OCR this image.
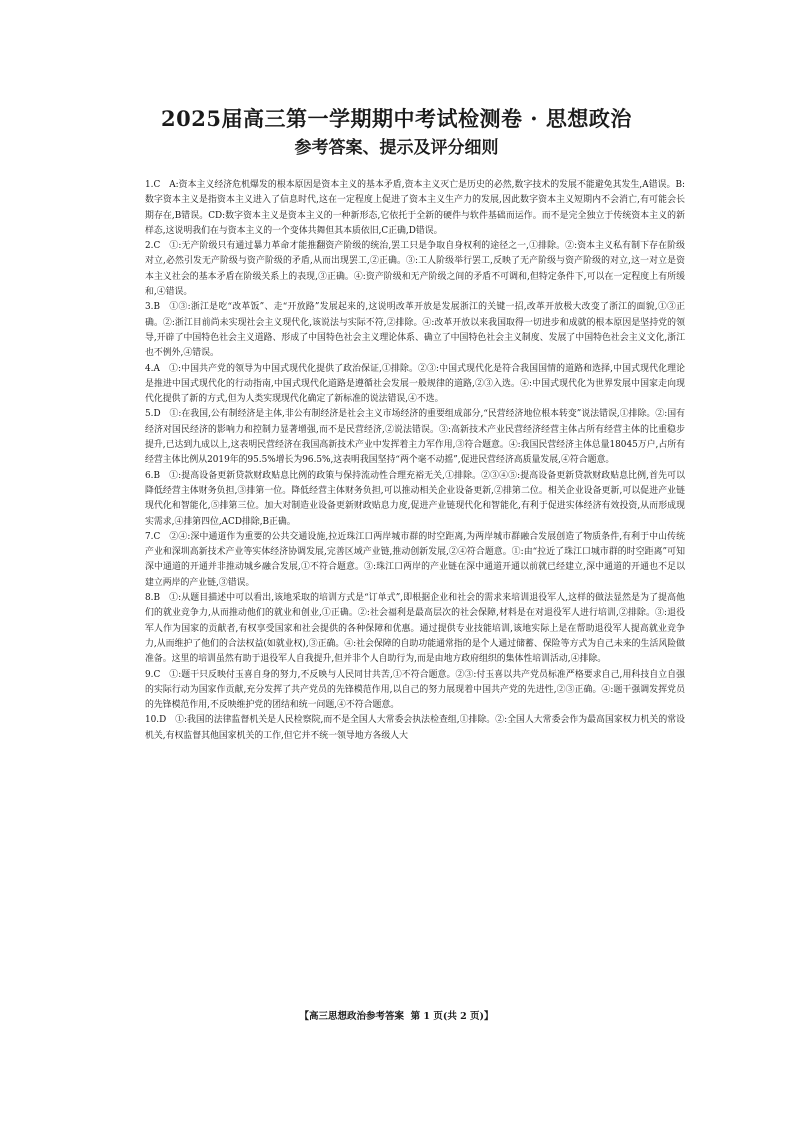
2025届高三第一学期期中考试检测卷 · 思想政治
参考答案、提示及评分细则

1.C　A:资本主义经济危机爆发的根本原因是资本主义的基本矛盾,资本主义灭亡是历史的必然,数字技术的发展不能避免其发生,A错误。B:数字资本主义是指资本主义进入了信息时代,这在一定程度上促进了资本主义生产力的发展,因此数字资本主义短期内不会消亡,有可能会长期存在,B错误。CD:数字资本主义是资本主义的一种新形态,它依托于全新的硬件与软件基础而运作。而不是完全独立于传统资本主义的新样态,这说明我们在与资本主义的一个变体共舞但其本质依旧,C正确,D错误。

2.C　①:无产阶级只有通过暴力革命才能推翻资产阶级的统治,罢工只是争取自身权利的途径之一,①排除。②:资本主义私有制下存在阶级对立,必然引发无产阶级与资产阶级的矛盾,从而出现罢工,②正确。③:工人阶级举行罢工,反映了无产阶级与资产阶级的对立,这一对立是资本主义社会的基本矛盾在阶级关系上的表现,③正确。④:资产阶级和无产阶级之间的矛盾不可调和,但特定条件下,可以在一定程度上有所缓和,④错误。

3.B　①③:浙江是吃“改革饭”、走“开放路”发展起来的,这说明改革开放是发展浙江的关键一招,改革开放极大改变了浙江的面貌,①③正确。②:浙江目前尚未实现社会主义现代化,该说法与实际不符,②排除。④:改革开放以来我国取得一切进步和成就的根本原因是坚持党的领导,开辟了中国特色社会主义道路、形成了中国特色社会主义理论体系、确立了中国特色社会主义制度、发展了中国特色社会主义文化,浙江也不例外,④错误。

4.A　①:中国共产党的领导为中国式现代化提供了政治保证,①排除。②③:中国式现代化是符合我国国情的道路和选择,中国式现代化理论是推进中国式现代化的行动指南,中国式现代化道路是遵循社会发展一般规律的道路,②③入选。④:中国式现代化为世界发展中国家走向现代化提供了新的方式,但为人类实现现代化确定了新标准的说法错误,④不选。

5.D　①:在我国,公有制经济是主体,非公有制经济是社会主义市场经济的重要组成部分,“民营经济地位根本转变”说法错误,①排除。②:国有经济对国民经济的影响力和控制力显著增强,而不是民营经济,②说法错误。③:高新技术产业民营经济经营主体占所有经营主体的比重稳步提升,已达到九成以上,这表明民营经济在我国高新技术产业中发挥着主力军作用,③符合题意。④:我国民营经济主体总量18045万户,占所有经营主体比例从2019年的95.5%增长为96.5%,这表明我国坚持“两个毫不动摇”,促进民营经济高质量发展,④符合题意。

6.B　①:提高设备更新贷款财政贴息比例的政策与保持流动性合理充裕无关,①排除。②③④⑤:提高设备更新贷款财政贴息比例,首先可以降低经营主体财务负担,③排第一位。降低经营主体财务负担,可以推动相关企业设备更新,②排第二位。相关企业设备更新,可以促进产业链现代化和智能化,⑤排第三位。加大对制造业设备更新财政贴息力度,促进产业链现代化和智能化,有利于促进实体经济有效投资,从而形成现实需求,④排第四位,ACD排除,B正确。

7.C　②④:深中通道作为重要的公共交通设施,拉近珠江口两岸城市群的时空距离,为两岸城市群融合发展创造了物质条件,有利于中山传统产业和深圳高新技术产业等实体经济协调发展,完善区域产业链,推动创新发展,②④符合题意。①:由“拉近了珠江口城市群的时空距离”可知深中通道的开通并非推动城乡融合发展,①不符合题意。③:珠江口两岸的产业链在深中通道开通以前就已经建立,深中通道的开通也不足以建立两岸的产业链,③错误。

8.B　①:从题目描述中可以看出,该地采取的培训方式是“订单式”,即根据企业和社会的需求来培训退役军人,这样的做法显然是为了提高他们的就业竞争力,从而推动他们的就业和创业,①正确。②:社会福利是最高层次的社会保障,材料是在对退役军人进行培训,②排除。③:退役军人作为国家的贡献者,有权享受国家和社会提供的各种保障和优惠。通过提供专业技能培训,该地实际上是在帮助退役军人提高就业竞争力,从而维护了他们的合法权益(如就业权),③正确。④:社会保障的自助功能通常指的是个人通过储蓄、保险等方式为自己未来的生活风险做准备。这里的培训虽然有助于退役军人自我提升,但并非个人自助行为,而是由地方政府组织的集体性培训活动,④排除。

9.C　①:题干只反映付玉喜自身的努力,不反映与人民同甘共苦,①不符合题意。②③:付玉喜以共产党员标准严格要求自己,用科技自立自强的实际行动为国家作贡献,充分发挥了共产党员的先锋模范作用,以自己的努力展现着中国共产党的先进性,②③正确。④:题干强调发挥党员的先锋模范作用,不反映维护党的团结和统一问题,④不符合题意。

10.D　①:我国的法律监督机关是人民检察院,而不是全国人大常委会执法检查组,①排除。②:全国人大常委会作为最高国家权力机关的常设机关,有权监督其他国家机关的工作,但它并不统一领导地方各级人大

【高三思想政治参考答案 第 1 页(共 2 页)】
